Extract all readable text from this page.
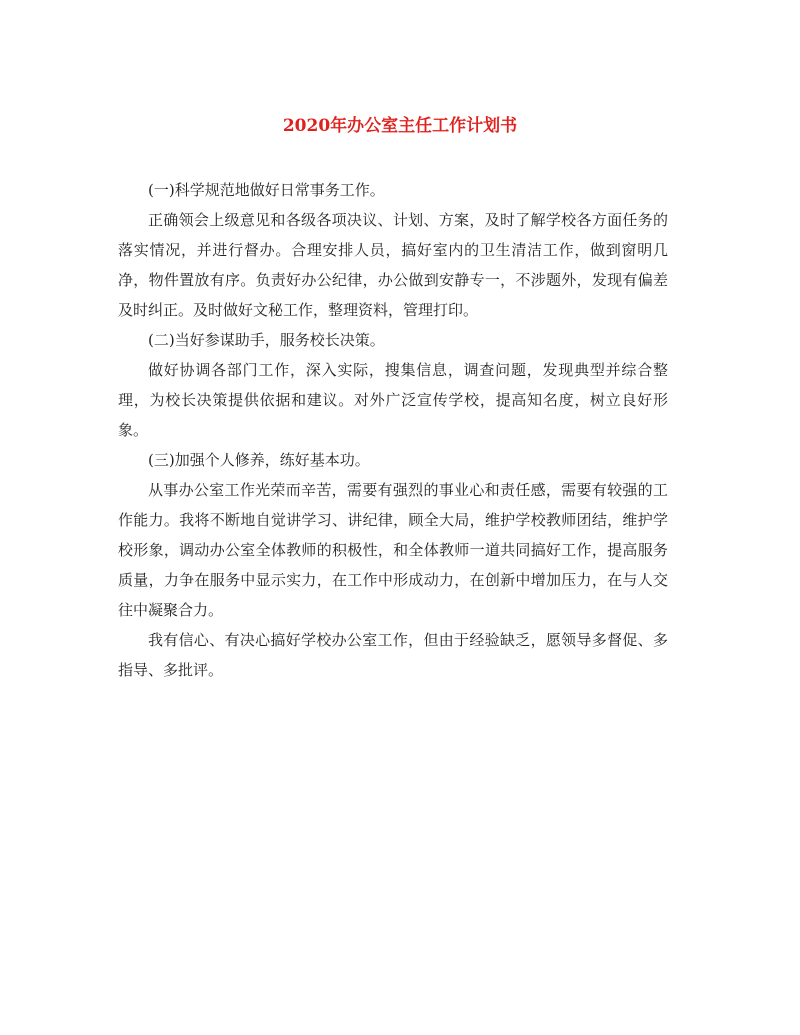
2020年办公室主任工作计划书

(一)科学规范地做好日常事务工作。

正确领会上级意见和各级各项决议、计划、方案，及时了解学校各方面任务的落实情况，并进行督办。合理安排人员，搞好室内的卫生清洁工作，做到窗明几净，物件置放有序。负责好办公纪律，办公做到安静专一，不涉题外，发现有偏差及时纠正。及时做好文秘工作，整理资料，管理打印。

(二)当好参谋助手，服务校长决策。

做好协调各部门工作，深入实际，搜集信息，调查问题，发现典型并综合整理，为校长决策提供依据和建议。对外广泛宣传学校，提高知名度，树立良好形象。

(三)加强个人修养，练好基本功。

从事办公室工作光荣而辛苦，需要有强烈的事业心和责任感，需要有较强的工作能力。我将不断地自觉讲学习、讲纪律，顾全大局，维护学校教师团结，维护学校形象，调动办公室全体教师的积极性，和全体教师一道共同搞好工作，提高服务质量，力争在服务中显示实力，在工作中形成动力，在创新中增加压力，在与人交往中凝聚合力。

我有信心、有决心搞好学校办公室工作，但由于经验缺乏，愿领导多督促、多指导、多批评。
